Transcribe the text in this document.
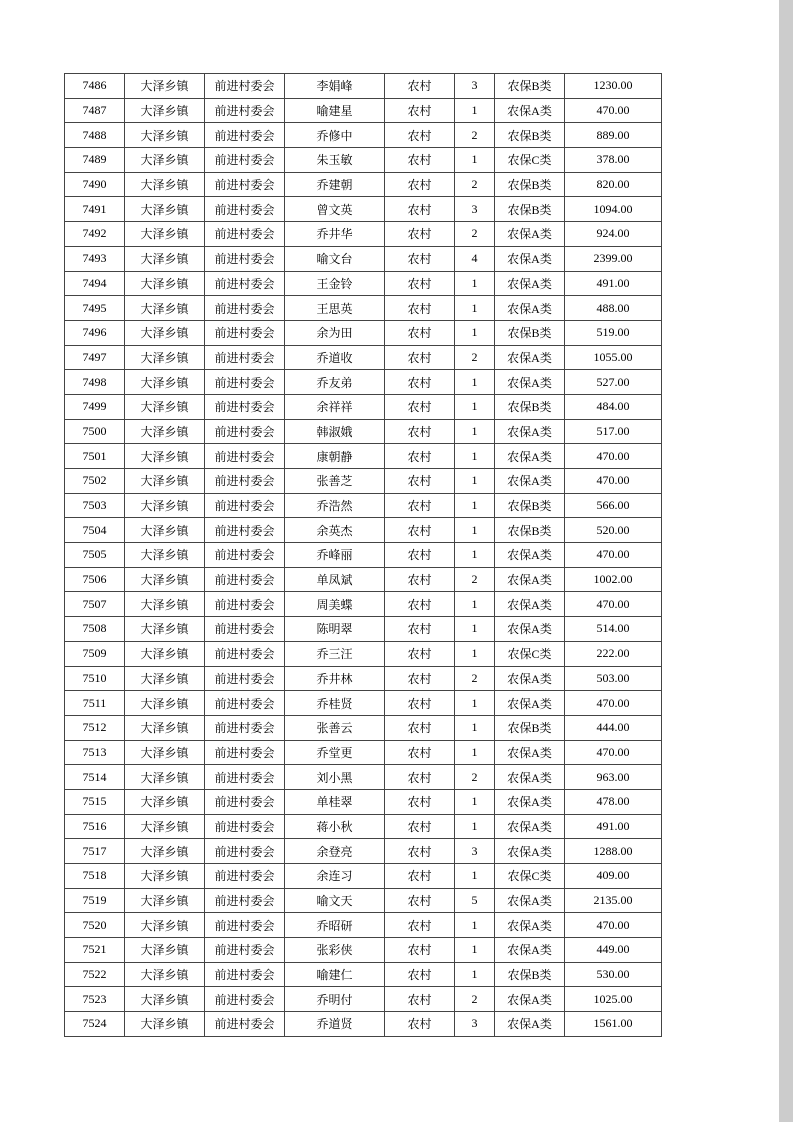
7486	大泽乡镇	前进村委会	李娟峰	农村	3	农保B类	1230.00
7487	大泽乡镇	前进村委会	喻建星	农村	1	农保A类	470.00
7488	大泽乡镇	前进村委会	乔修中	农村	2	农保B类	889.00
7489	大泽乡镇	前进村委会	朱玉敏	农村	1	农保C类	378.00
7490	大泽乡镇	前进村委会	乔建朝	农村	2	农保B类	820.00
7491	大泽乡镇	前进村委会	曾文英	农村	3	农保B类	1094.00
7492	大泽乡镇	前进村委会	乔井华	农村	2	农保A类	924.00
7493	大泽乡镇	前进村委会	喻文台	农村	4	农保A类	2399.00
7494	大泽乡镇	前进村委会	王金铃	农村	1	农保A类	491.00
7495	大泽乡镇	前进村委会	王思英	农村	1	农保A类	488.00
7496	大泽乡镇	前进村委会	余为田	农村	1	农保B类	519.00
7497	大泽乡镇	前进村委会	乔道收	农村	2	农保A类	1055.00
7498	大泽乡镇	前进村委会	乔友弟	农村	1	农保A类	527.00
7499	大泽乡镇	前进村委会	余祥祥	农村	1	农保B类	484.00
7500	大泽乡镇	前进村委会	韩淑娥	农村	1	农保A类	517.00
7501	大泽乡镇	前进村委会	康朝静	农村	1	农保A类	470.00
7502	大泽乡镇	前进村委会	张善芝	农村	1	农保A类	470.00
7503	大泽乡镇	前进村委会	乔浩然	农村	1	农保B类	566.00
7504	大泽乡镇	前进村委会	余英杰	农村	1	农保B类	520.00
7505	大泽乡镇	前进村委会	乔峰丽	农村	1	农保A类	470.00
7506	大泽乡镇	前进村委会	单凤斌	农村	2	农保A类	1002.00
7507	大泽乡镇	前进村委会	周美蝶	农村	1	农保A类	470.00
7508	大泽乡镇	前进村委会	陈明翠	农村	1	农保A类	514.00
7509	大泽乡镇	前进村委会	乔三汪	农村	1	农保C类	222.00
7510	大泽乡镇	前进村委会	乔井林	农村	2	农保A类	503.00
7511	大泽乡镇	前进村委会	乔桂贤	农村	1	农保A类	470.00
7512	大泽乡镇	前进村委会	张善云	农村	1	农保B类	444.00
7513	大泽乡镇	前进村委会	乔堂更	农村	1	农保A类	470.00
7514	大泽乡镇	前进村委会	刘小黑	农村	2	农保A类	963.00
7515	大泽乡镇	前进村委会	单桂翠	农村	1	农保A类	478.00
7516	大泽乡镇	前进村委会	蒋小秋	农村	1	农保A类	491.00
7517	大泽乡镇	前进村委会	余登亮	农村	3	农保A类	1288.00
7518	大泽乡镇	前进村委会	余连习	农村	1	农保C类	409.00
7519	大泽乡镇	前进村委会	喻文天	农村	5	农保A类	2135.00
7520	大泽乡镇	前进村委会	乔昭研	农村	1	农保A类	470.00
7521	大泽乡镇	前进村委会	张彩侠	农村	1	农保A类	449.00
7522	大泽乡镇	前进村委会	喻建仁	农村	1	农保B类	530.00
7523	大泽乡镇	前进村委会	乔明付	农村	2	农保A类	1025.00
7524	大泽乡镇	前进村委会	乔道贤	农村	3	农保A类	1561.00
